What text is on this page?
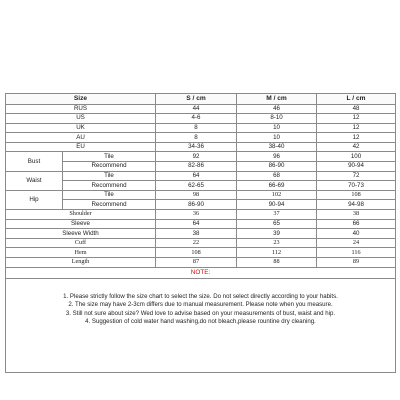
Size		S / cm	M / cm	L / cm
RUS		44	46	48
US		4-6	8-10	12
UK		8	10	12
AU		8	10	12
EU		34-36	38-40	42
Bust	Tile	92	96	100
	Recommend	82-86	86-90	90-94
Waist	Tile	64	68	72
	Recommend	62-65	66-69	70-73
Hip	Tile	98	102	108
	Recommend	86-90	90-94	94-98
Shoulder		36	37	38
Sleeve		64	65	66
Sleeve Width		38	39	40
Cuff		22	23	24
Hem		108	112	116
Length		87	88	89
NOTE:				

1. Please strictly follow the size chart to select the size. Do not select directly according to your habits.
2. The size may have 2-3cm differs due to manual measurement. Please note when you measure.
3. Still not sure about size? Wed love to advise based on your measurements of bust, waist and hip.
4. Suggestion of cold water hand washing,do not bleach,please rountine dry cleaning.				
